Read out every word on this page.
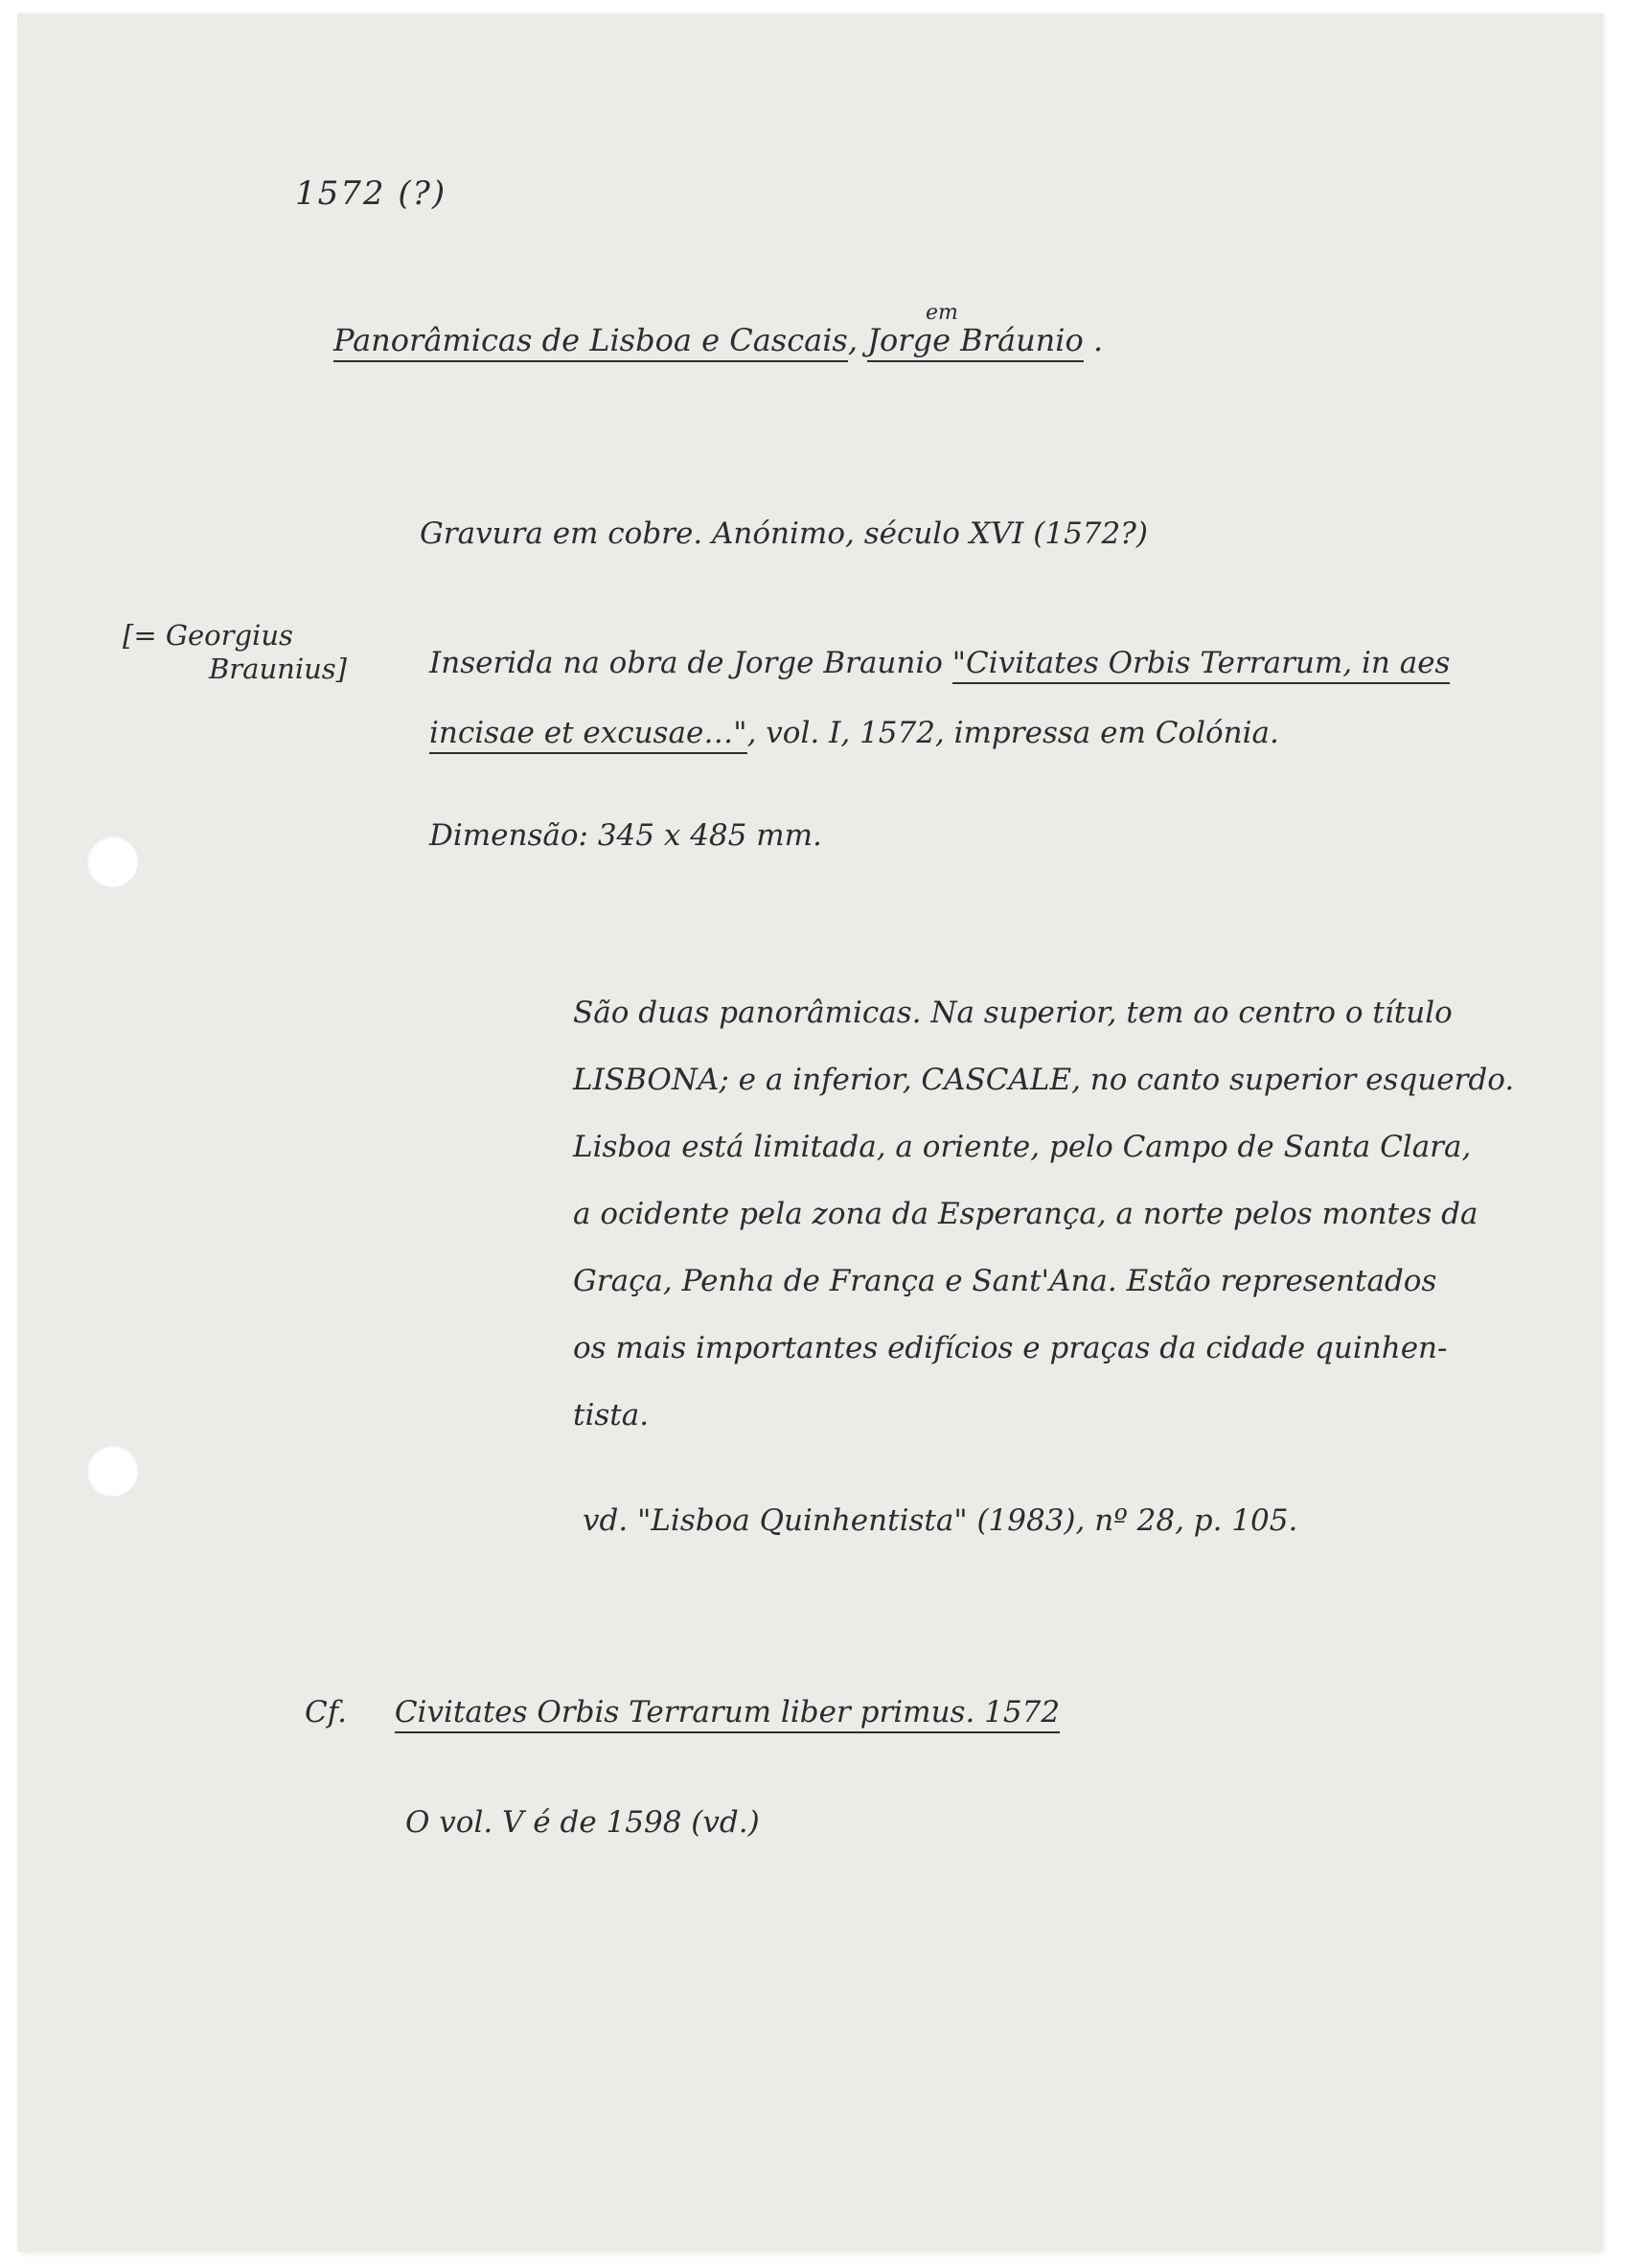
1572 (?)
Panorâmicas de Lisboa e Cascais, Jorge Bráunio .
em
Gravura em cobre. Anónimo, século XVI (1572?)
[= Georgius
Braunius]	Inserida na obra de Jorge Braunio "Civitates Orbis Terrarum, in aes
incisae et excusae…", vol. I, 1572, impressa em Colónia.
Dimensão: 345 x 485 mm.
São duas panorâmicas. Na superior, tem ao centro o título
LISBONA; e a inferior, CASCALE, no canto superior esquerdo.
Lisboa está limitada, a oriente, pelo Campo de Santa Clara,
a ocidente pela zona da Esperança, a norte pelos montes da
Graça, Penha de França e Sant'Ana. Estão representados
os mais importantes edifícios e praças da cidade quinhen-
tista.
vd. "Lisboa Quinhentista" (1983), nº 28, p. 105.
Cf. Civitates Orbis Terrarum liber primus. 1572
O vol. V é de 1598 (vd.)
